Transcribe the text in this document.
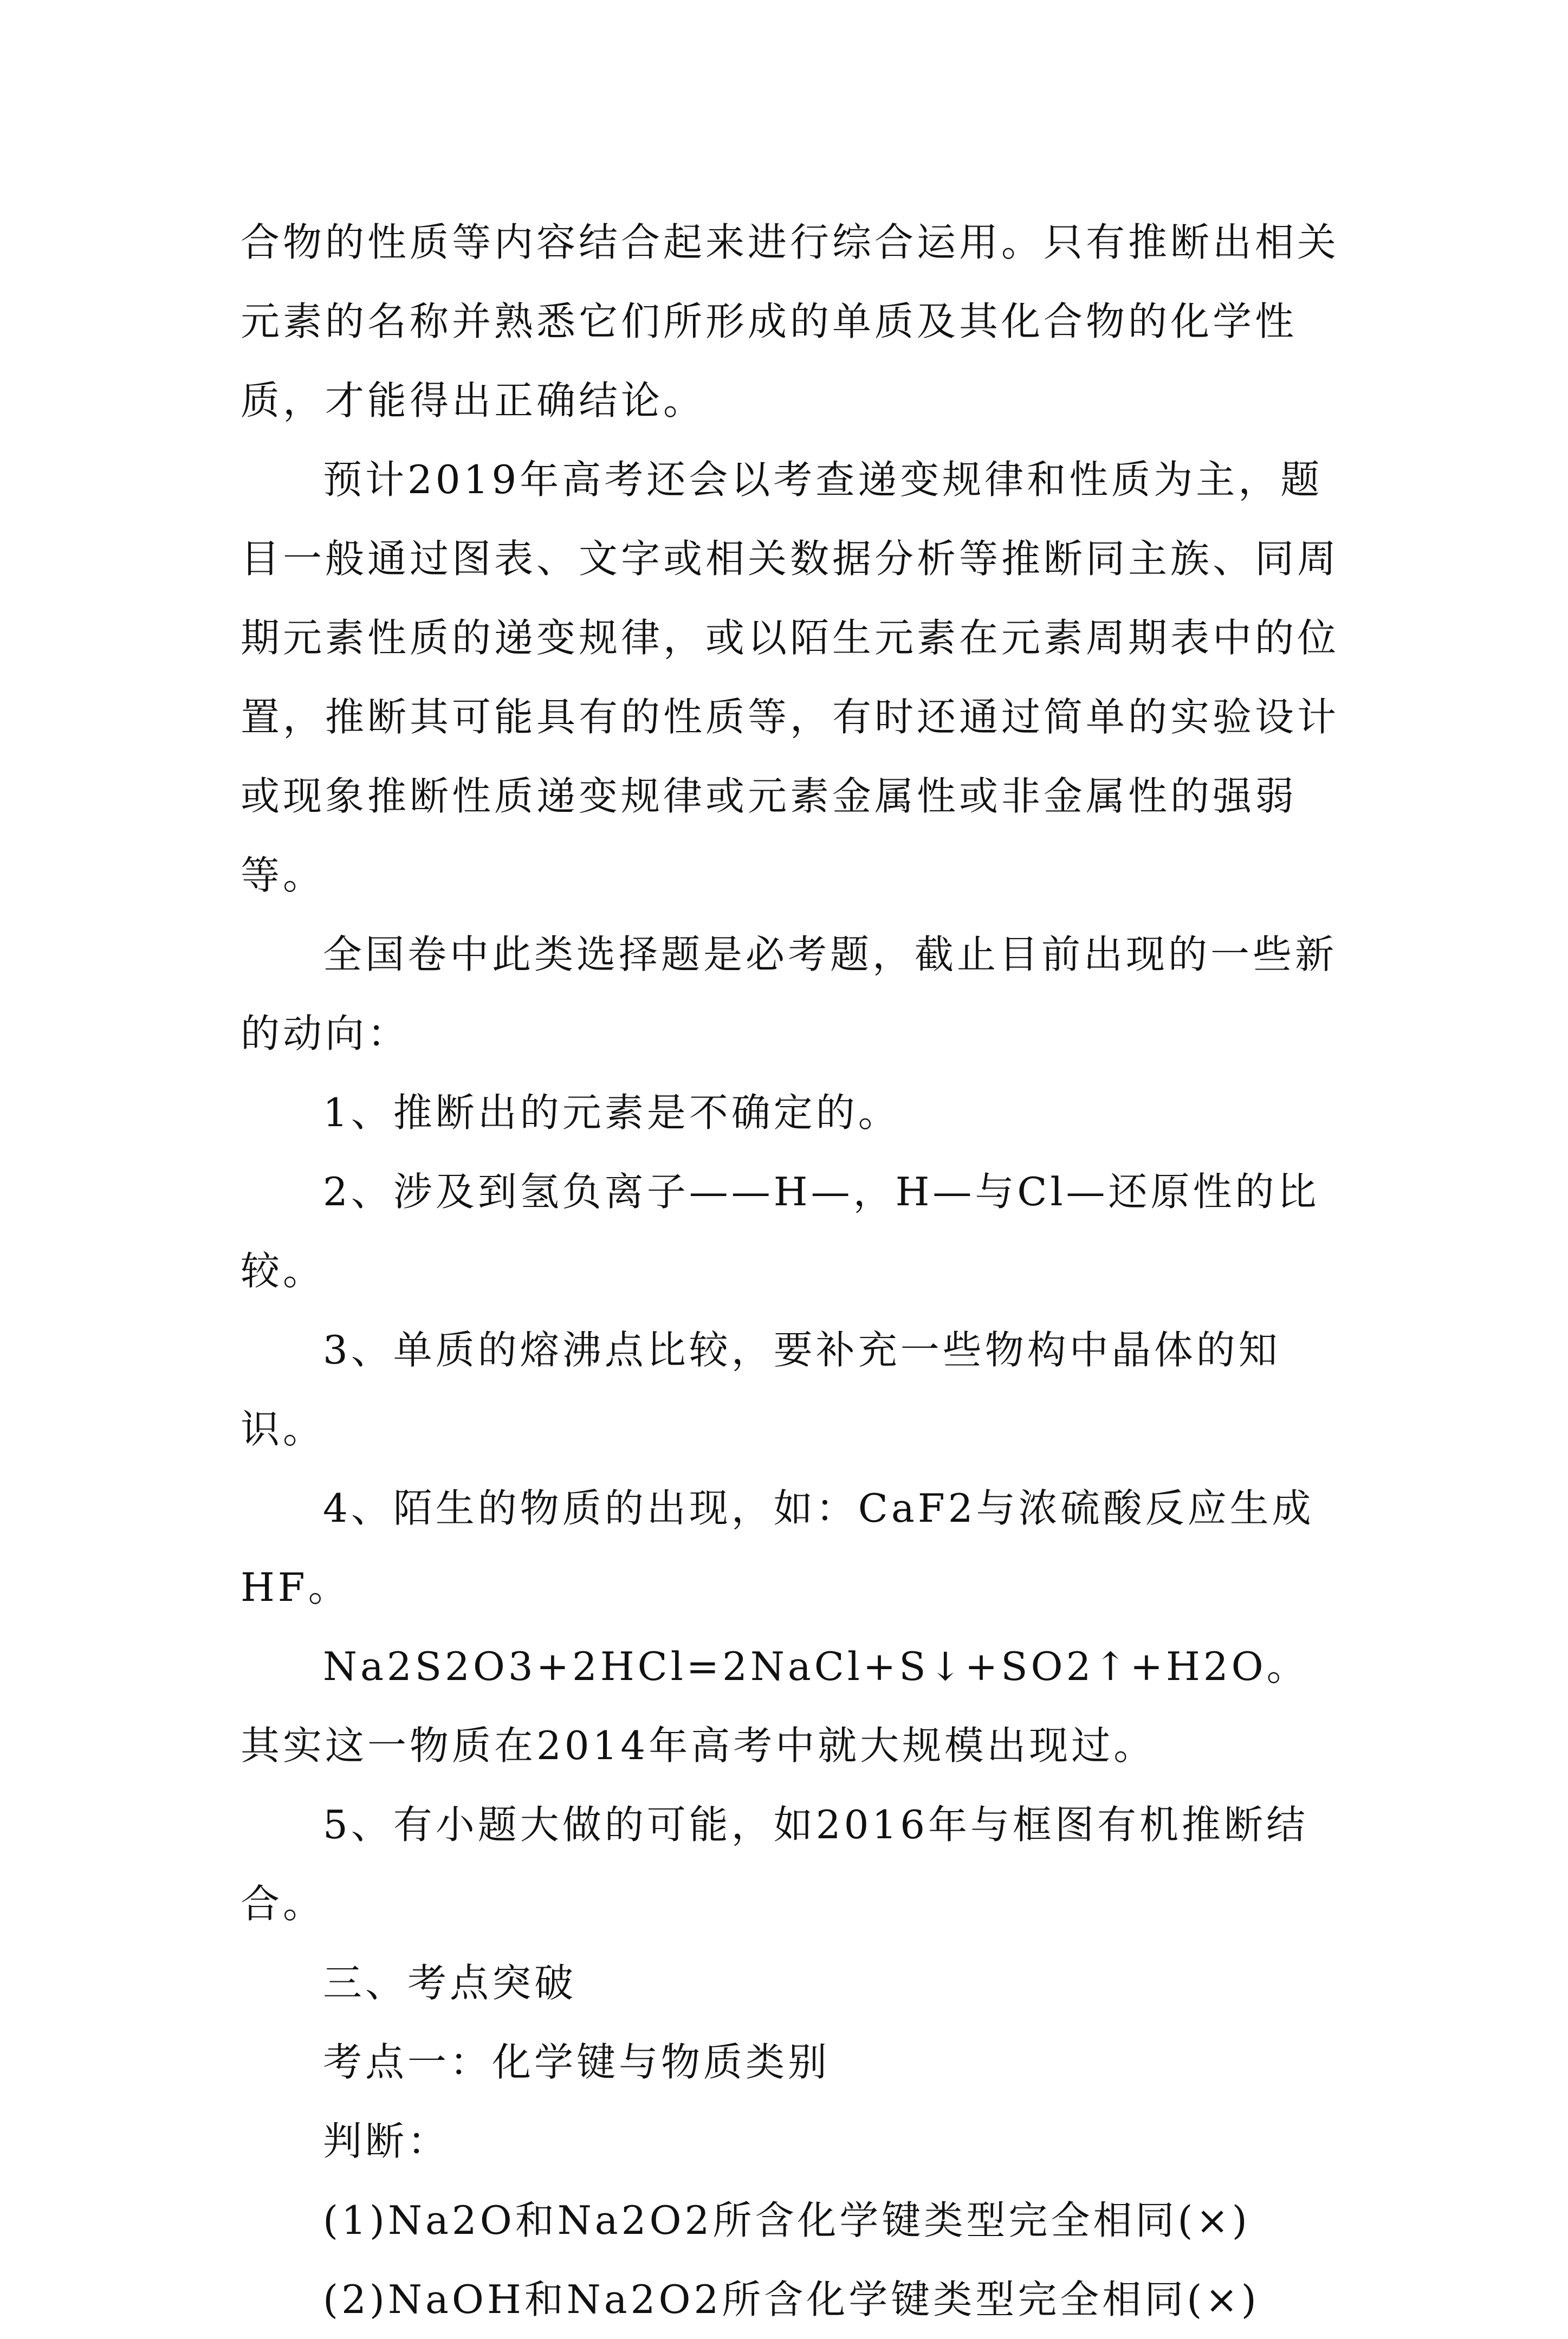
合物的性质等内容结合起来进行综合运用。只有推断出相关元素的名称并熟悉它们所形成的单质及其化合物的化学性质，才能得出正确结论。

预计2019年高考还会以考查递变规律和性质为主，题目一般通过图表、文字或相关数据分析等推断同主族、同周期元素性质的递变规律，或以陌生元素在元素周期表中的位置，推断其可能具有的性质等，有时还通过简单的实验设计或现象推断性质递变规律或元素金属性或非金属性的强弱等。

全国卷中此类选择题是必考题，截止目前出现的一些新的动向：

1、推断出的元素是不确定的。

2、涉及到氢负离子——H—，H—与Cl—还原性的比较。

3、单质的熔沸点比较，要补充一些物构中晶体的知识。

4、陌生的物质的出现，如：CaF2与浓硫酸反应生成HF。

Na2S2O3+2HCl=2NaCl+S↓+SO2↑+H2O。其实这一物质在2014年高考中就大规模出现过。

5、有小题大做的可能，如2016年与框图有机推断结合。

三、考点突破

考点一：化学键与物质类别

判断：

(1)Na2O和Na2O2所含化学键类型完全相同(×)

(2)NaOH和Na2O2所含化学键类型完全相同(×)
